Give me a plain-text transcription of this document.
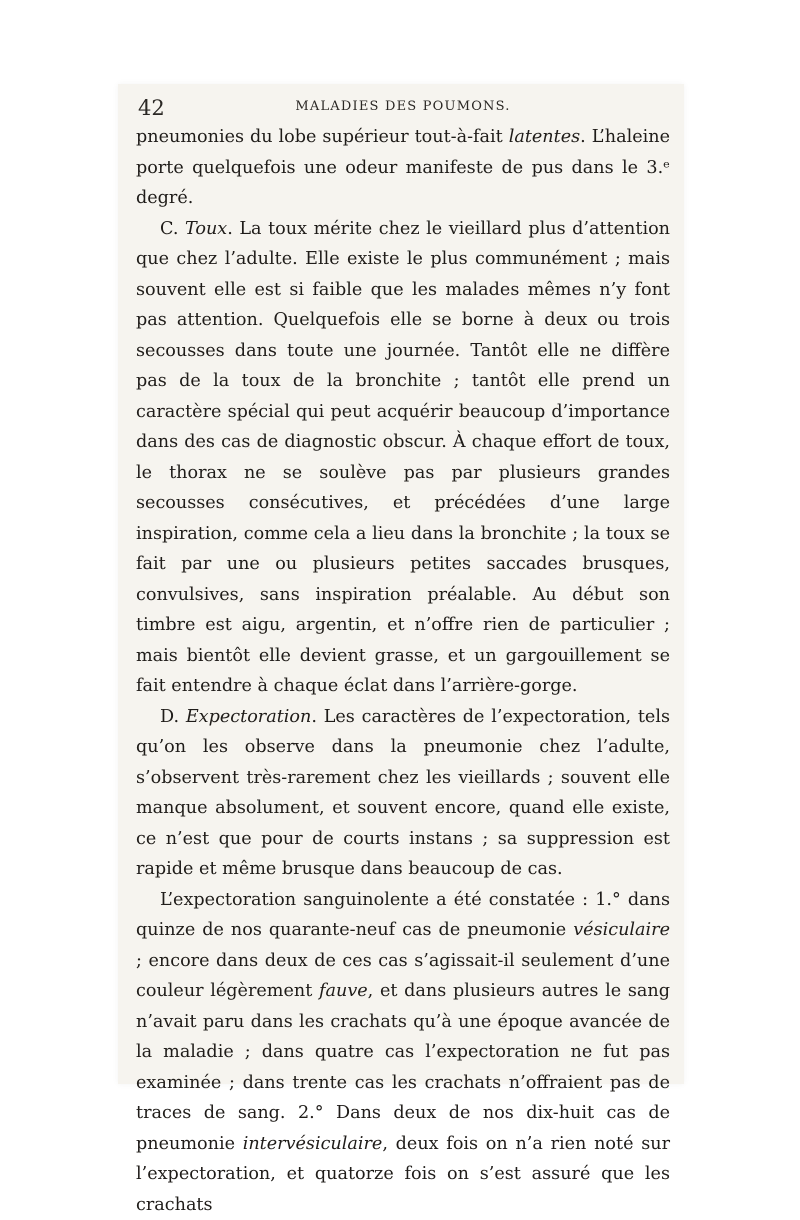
42	MALADIES DES POUMONS.

pneumonies du lobe supérieur tout-à-fait latentes. L’haleine porte quelquefois une odeur manifeste de pus dans le 3.ᵉ degré.

C. Toux. La toux mérite chez le vieillard plus d’attention que chez l’adulte. Elle existe le plus communément ; mais souvent elle est si faible que les malades mêmes n’y font pas attention. Quelquefois elle se borne à deux ou trois secousses dans toute une journée. Tantôt elle ne diffère pas de la toux de la bronchite ; tantôt elle prend un caractère spécial qui peut acquérir beaucoup d’importance dans des cas de diagnostic obscur. À chaque effort de toux, le thorax ne se soulève pas par plusieurs grandes secousses consécutives, et précédées d’une large inspiration, comme cela a lieu dans la bronchite ; la toux se fait par une ou plusieurs petites saccades brusques, convulsives, sans inspiration préalable. Au début son timbre est aigu, argentin, et n’offre rien de particulier ; mais bientôt elle devient grasse, et un gargouillement se fait entendre à chaque éclat dans l’arrière-gorge.

D. Expectoration. Les caractères de l’expectoration, tels qu’on les observe dans la pneumonie chez l’adulte, s’observent très-rarement chez les vieillards ; souvent elle manque absolument, et souvent encore, quand elle existe, ce n’est que pour de courts instans ; sa suppression est rapide et même brusque dans beaucoup de cas.

L’expectoration sanguinolente a été constatée : 1.° dans quinze de nos quarante-neuf cas de pneumonie vésiculaire ; encore dans deux de ces cas s’agissait-il seulement d’une couleur légèrement fauve, et dans plusieurs autres le sang n’avait paru dans les crachats qu’à une époque avancée de la maladie ; dans quatre cas l’expectoration ne fut pas examinée ; dans trente cas les crachats n’offraient pas de traces de sang. 2.° Dans deux de nos dix-huit cas de pneumonie intervésiculaire, deux fois on n’a rien noté sur l’expectoration, et quatorze fois on s’est assuré que les crachats
